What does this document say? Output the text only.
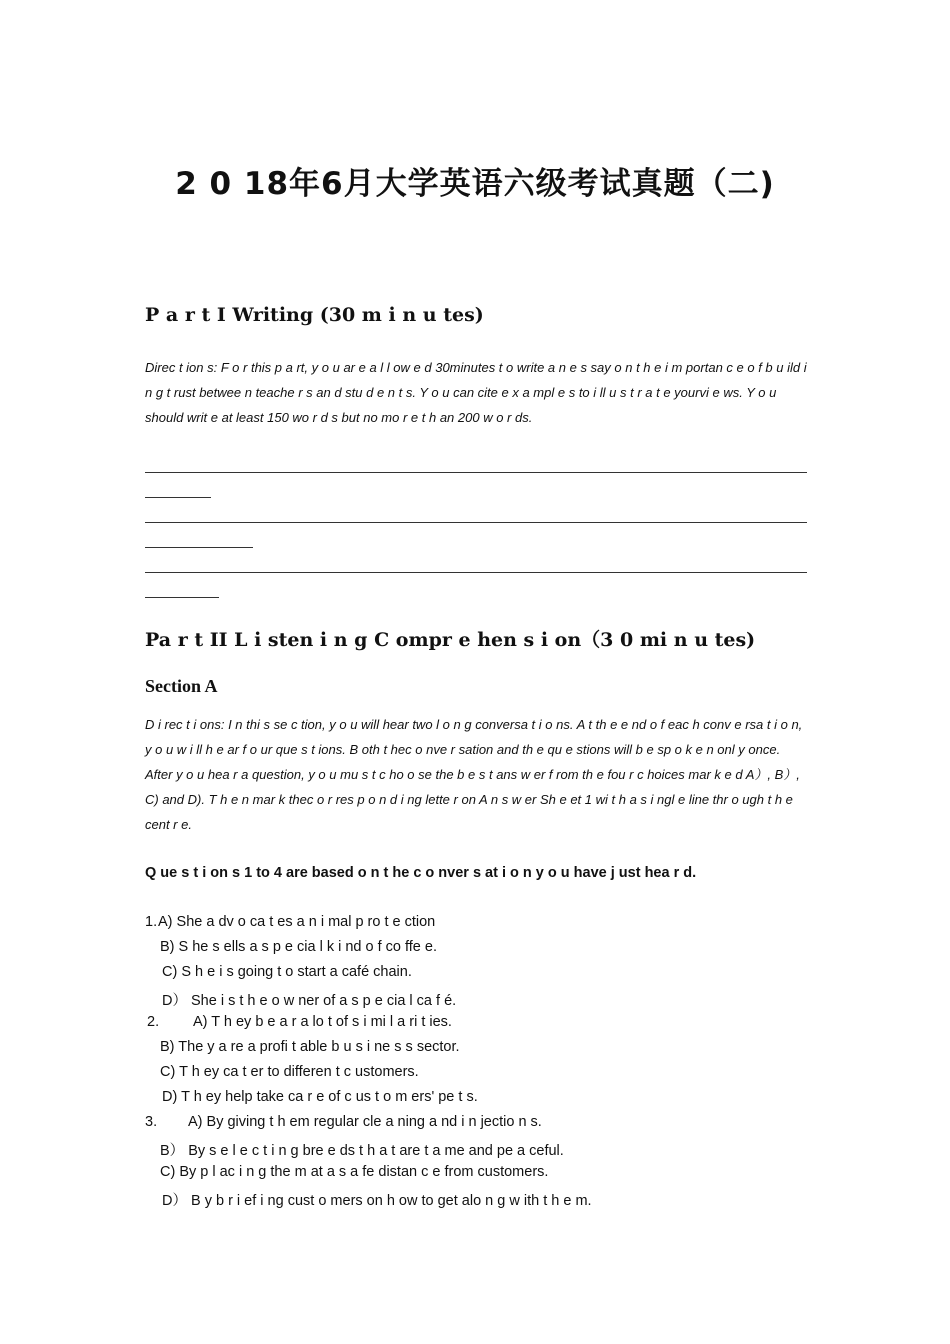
2 0 18年6月大学英语六级考试真题（二)
P a r t I Writing (30 m i n u tes)
Direc t ion s: F o r this p a rt, y o u ar e a l l ow e d 30minutes t o write a n e s say o n t h e i m portan c e o f b u ild i n g t rust betwee n teache r s an d stu d e n t s. Y o u can cite e x a mpl e s to i ll u s t r a t e yourvi e ws. Y o u should writ e at least 150 wo r d s but no mo r e t h an 200 w o r ds.
Pa r t II L i sten i n g C ompr e hen s i on（3 0 mi n u tes)
Section A
D i rec t i ons: I n thi s se c tion, y o u will hear two l o n g conversa t i o ns. A t th e e nd o f eac h conv e rsa t i o n, y o u w i ll h e ar f o ur que s t ions. B oth t hec o nve r sation and th e qu e stions will b e sp o k e n onl y once. After y o u hea r a question, y o u mu s t c ho o se the b e s t ans w er f rom th e fou r c hoices mar k e d A）, B）, C) and D). T h e n mar k thec o r res p o n d i ng lette r on A n s w er Sh e et 1 wi t h a s i ngl e line thr o ugh t h e cent r e.
Q ue s t i on s 1 to 4 are based o n t he c o nver s at i o n y o u have j ust hea r d.
1. A) She a dv o ca t es a n i mal p ro t e ction
B) S he s ells a s p e cia l k i nd o f co ffe e.
C) S h e i s going t o start a café chain.
D） She i s t h e o w ner of a s p e cia l ca f é.
2. A) T h ey b e a r a lo t of s i mi l a ri t ies.
B) The y a re a profi t able b u s i ne s s sector.
C) T h ey ca t er to differen t c ustomers.
D) T h ey help take ca r e of c us t o m ers' pe t s.
3. A) By giving t h em regular cle a ning a nd i n jectio n s.
B） By s e l e c t i n g bre e ds t h a t are t a me and pe a ceful.
C) By p l ac i n g the m at a s a fe distan c e from customers.
D） B y b r i ef i ng cust o mers on h ow to get alo n g w ith t h e m.
